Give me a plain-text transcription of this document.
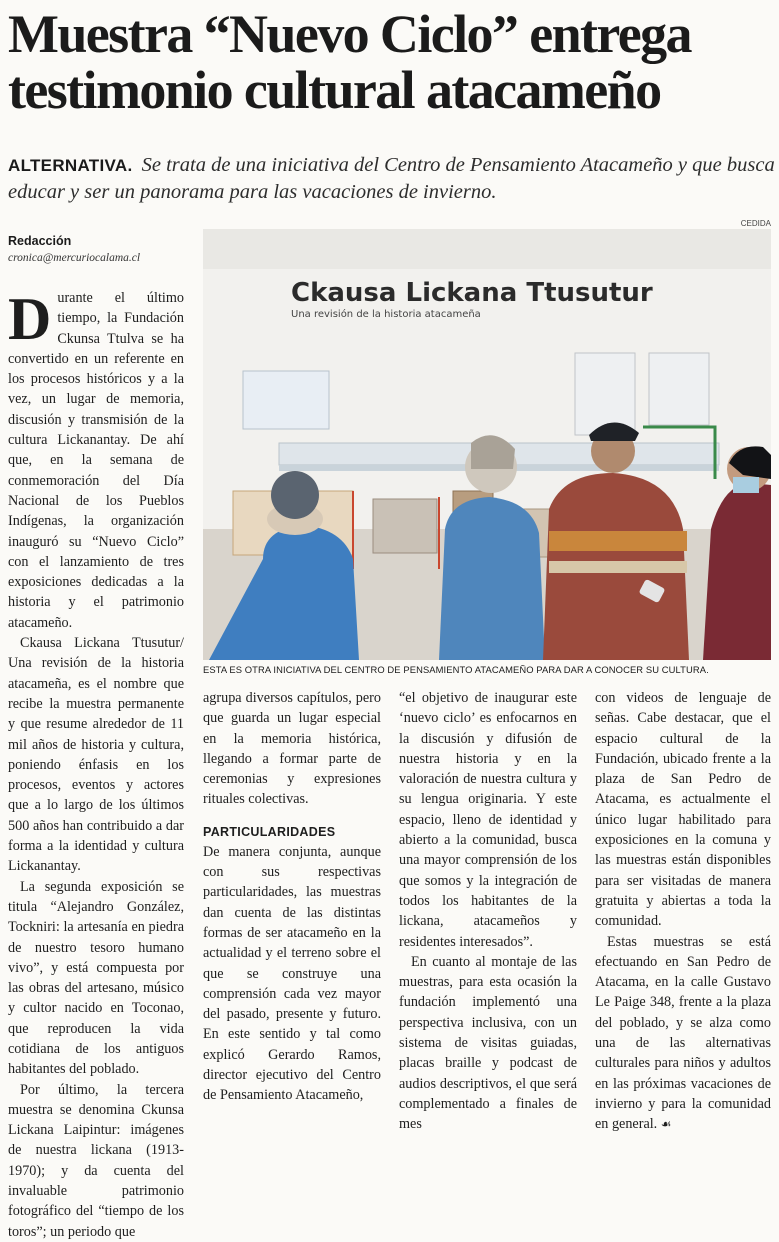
Muestra “Nuevo Ciclo” entrega
testimonio cultural atacameño

ALTERNATIVA. Se trata de una iniciativa del Centro de Pensamiento Atacameño y que busca educar y ser un panorama para las vacaciones de invierno.

Redacción
cronica@mercuriocalama.cl
CEDIDA
Ckausa Lickana Ttusutur
Una revisión de la historia atacameña
ESTA ES OTRA INICIATIVA DEL CENTRO DE PENSAMIENTO ATACAMEÑO PARA DAR A CONOCER SU CULTURA.

Durante el último tiempo, la Fundación Ckunsa Ttulva se ha convertido en un referente en los procesos históricos y a la vez, un lugar de memoria, discusión y transmisión de la cultura Lickanantay. De ahí que, en la semana de conmemoración del Día Nacional de los Pueblos Indígenas, la organización inauguró su “Nuevo Ciclo” con el lanzamiento de tres exposiciones dedicadas a la historia y el patrimonio atacameño.

Ckausa Lickana Ttusutur/ Una revisión de la historia atacameña, es el nombre que recibe la muestra permanente y que resume alrededor de 11 mil años de historia y cultura, poniendo énfasis en los procesos, eventos y actores que a lo largo de los últimos 500 años han contribuido a dar forma a la identidad y cultura Lickanantay.

La segunda exposición se titula “Alejandro González, Tockniri: la artesanía en piedra de nuestro tesoro humano vivo”, y está compuesta por las obras del artesano, músico y cultor nacido en Toconao, que reproducen la vida cotidiana de los antiguos habitantes del poblado.

Por último, la tercera muestra se denomina Ckunsa Lickana Laipintur: imágenes de nuestra lickana (1913-1970); y da cuenta del invaluable patrimonio fotográfico del “tiempo de los toros”; un periodo que

agrupa diversos capítulos, pero que guarda un lugar especial en la memoria histórica, llegando a formar parte de ceremonias y expresiones rituales colectivas.

PARTICULARIDADES

De manera conjunta, aunque con sus respectivas particularidades, las muestras dan cuenta de las distintas formas de ser atacameño en la actualidad y el terreno sobre el que se construye una comprensión cada vez mayor del pasado, presente y futuro. En este sentido y tal como explicó Gerardo Ramos, director ejecutivo del Centro de Pensamiento Atacameño,

“el objetivo de inaugurar este ‘nuevo ciclo’ es enfocarnos en la discusión y difusión de nuestra historia y en la valoración de nuestra cultura y su lengua originaria. Y este espacio, lleno de identidad y abierto a la comunidad, busca una mayor comprensión de los que somos y la integración de todos los habitantes de la lickana, atacameños y residentes interesados”.

En cuanto al montaje de las muestras, para esta ocasión la fundación implementó una perspectiva inclusiva, con un sistema de visitas guiadas, placas braille y podcast de audios descriptivos, el que será complementado a finales de mes

con videos de lenguaje de señas. Cabe destacar, que el espacio cultural de la Fundación, ubicado frente a la plaza de San Pedro de Atacama, es actualmente el único lugar habilitado para exposiciones en la comuna y las muestras están disponibles para ser visitadas de manera gratuita y abiertas a toda la comunidad.

Estas muestras se está efectuando en San Pedro de Atacama, en la calle Gustavo Le Paige 348, frente a la plaza del poblado, y se alza como una de las alternativas culturales para niños y adultos en las próximas vacaciones de invierno y para la comunidad en general. ☙
